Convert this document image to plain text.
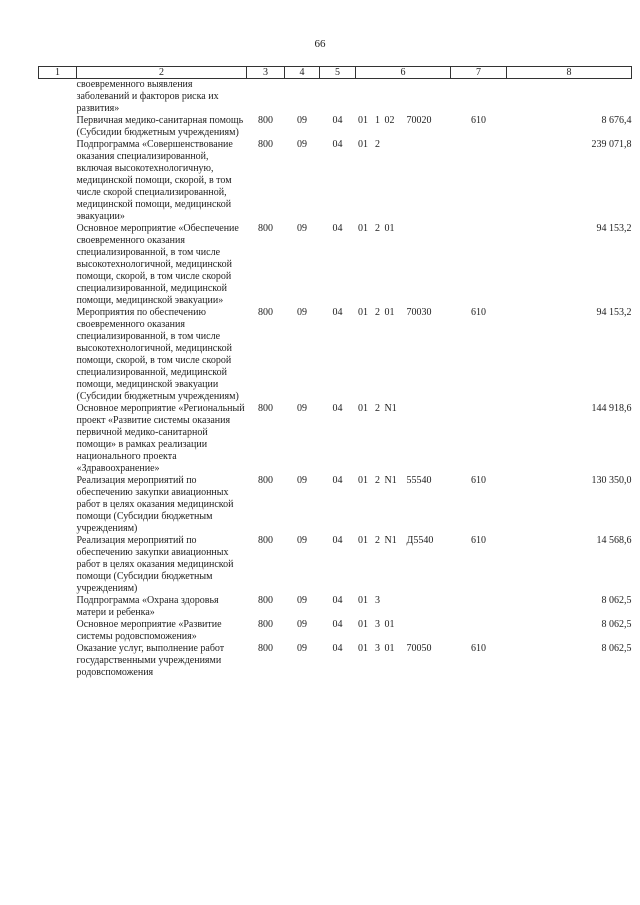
66
1	2	3	4	5	6				7	8
	своевременного выявления заболеваний и факторов риска их развития»									
	Первичная медико-санитарная помощь (Субсидии бюджетным учреждениям)	800	09	04	01	1	02	70020	610	8 676,4
	Подпрограмма «Совершенствование оказания специализированной, включая высокотехнологичную, медицинской помощи, скорой, в том числе скорой специализированной, медицинской помощи, медицинской эвакуации»	800	09	04	01	2				239 071,8
	Основное мероприятие «Обеспечение своевременного оказания специализированной, в том числе высокотехнологичной, медицинской помощи, скорой, в том числе скорой специализированной, медицинской помощи, медицинской эвакуации»	800	09	04	01	2	01			94 153,2
	Мероприятия по обеспечению своевременного оказания специализированной, в том числе высокотехнологичной, медицинской помощи, скорой, в том числе скорой специализированной, медицинской помощи, медицинской эвакуации (Субсидии бюджетным учреждениям)	800	09	04	01	2	01	70030	610	94 153,2
	Основное мероприятие «Региональный проект «Развитие системы оказания первичной медико-санитарной помощи» в рамках реализации национального проекта «Здравоохранение»	800	09	04	01	2	N1			144 918,6
	Реализация мероприятий по обеспечению закупки авиационных работ в целях оказания медицинской помощи (Субсидии бюджетным учреждениям)	800	09	04	01	2	N1	55540	610	130 350,0
	Реализация мероприятий по обеспечению закупки авиационных работ в целях оказания медицинской помощи (Субсидии бюджетным учреждениям)	800	09	04	01	2	N1	Д5540	610	14 568,6
	Подпрограмма «Охрана здоровья матери и ребенка»	800	09	04	01	3				8 062,5
	Основное мероприятие «Развитие системы родовспоможения»	800	09	04	01	3	01			8 062,5
	Оказание услуг, выполнение работ государственными учреждениями родовспоможения	800	09	04	01	3	01	70050	610	8 062,5
